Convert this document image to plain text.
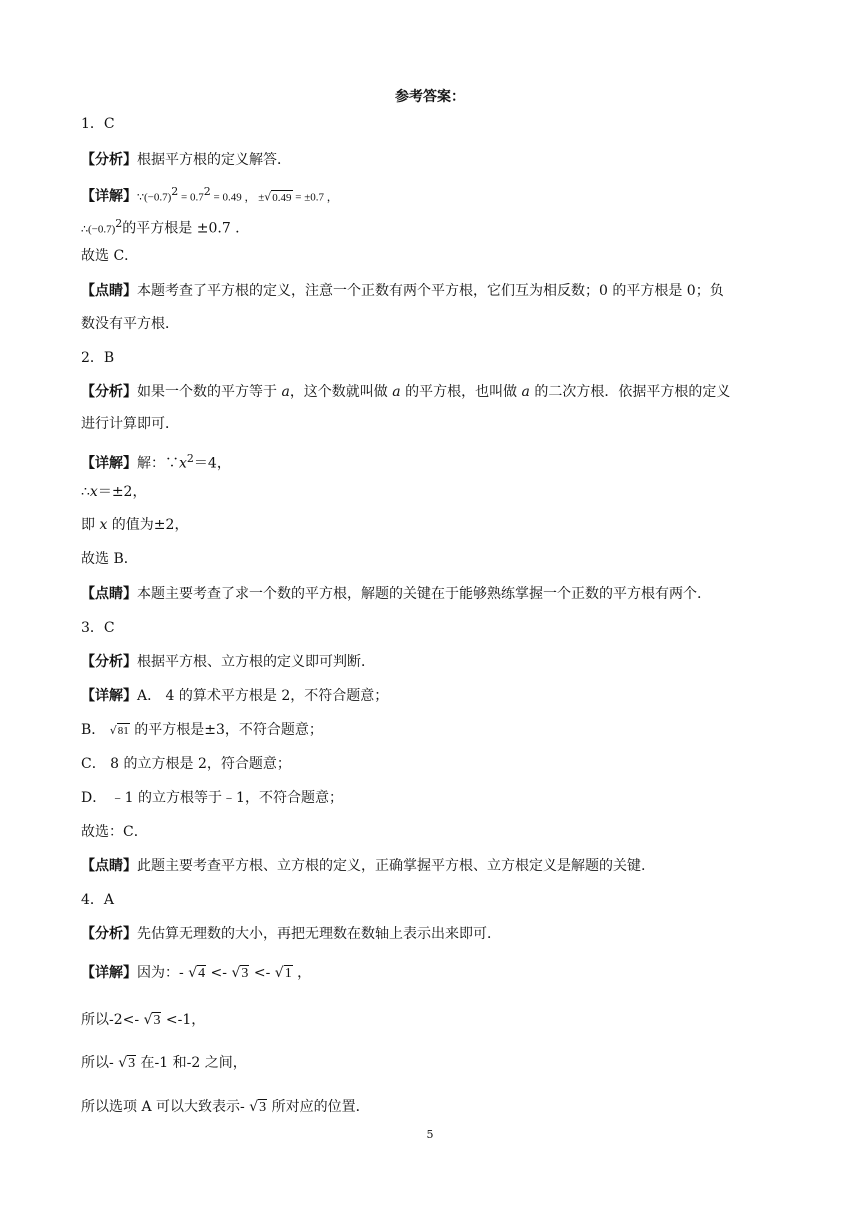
参考答案：
1．C
【分析】根据平方根的定义解答．
【详解】$\because(-0.7)^2 = 0.7^2 = 0.49$ ， ±√0.49 = ±0.7 ，
$\therefore(-0.7)^2$的平方根是 ±0.7 .
故选 C．
【点睛】本题考查了平方根的定义，注意一个正数有两个平方根，它们互为相反数；0 的平方根是 0；负
数没有平方根．
2．B
【分析】如果一个数的平方等于 a，这个数就叫做 a 的平方根，也叫做 a 的二次方根．依据平方根的定义
进行计算即可．
【详解】解：$\because x^2=4$，
∴x＝±2，
即 x 的值为±2，
故选 B．
【点睛】本题主要考查了求一个数的平方根，解题的关键在于能够熟练掌握一个正数的平方根有两个.
3．C
【分析】根据平方根、立方根的定义即可判断．
【详解】A． 4 的算术平方根是 2，不符合题意；
B． √81 的平方根是±3，不符合题意；
C． 8 的立方根是 2，符合题意；
D． ﹣1 的立方根等于﹣1，不符合题意；
故选：C．
【点睛】此题主要考查平方根、立方根的定义，正确掌握平方根、立方根定义是解题的关键.
4．A
【分析】先估算无理数的大小，再把无理数在数轴上表示出来即可．
【详解】因为：- √4 <- √3 <- √1 ，
所以-2<- √3 <-1，
所以- √3 在-1 和-2 之间，
所以选项 A 可以大致表示- √3 所对应的位置．
5
